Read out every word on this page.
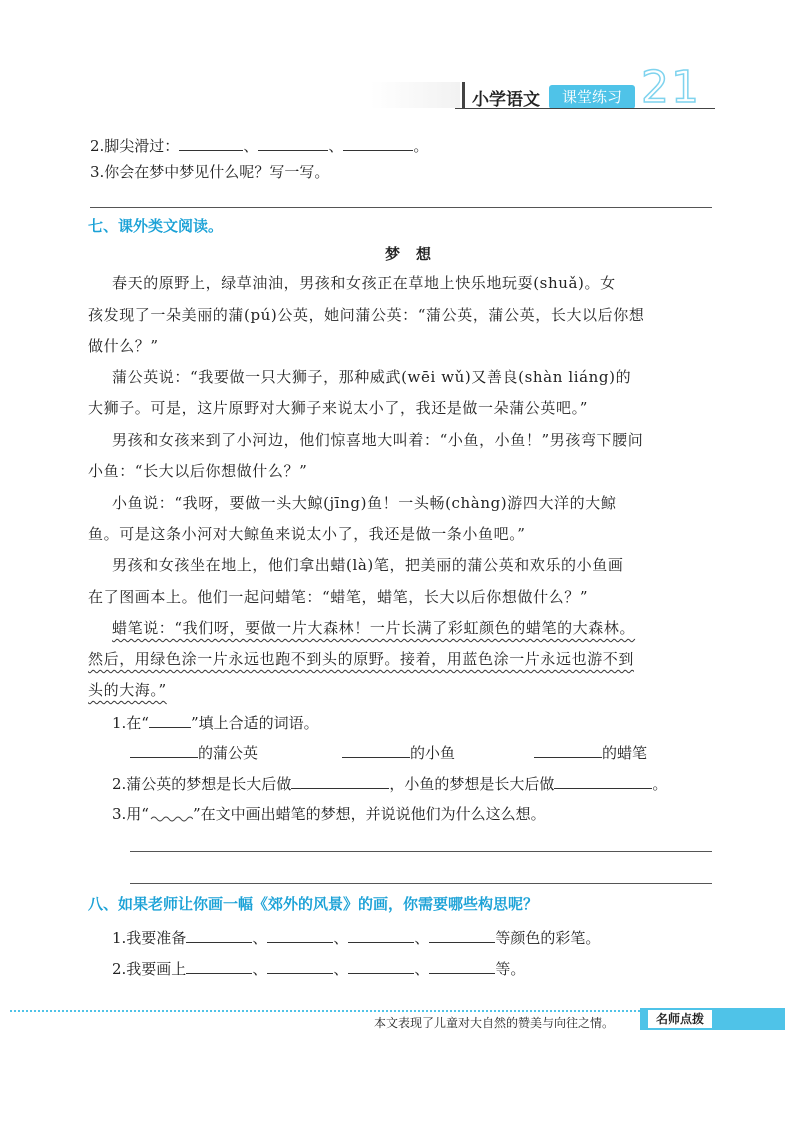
小学语文	课堂练习 21
2.脚尖滑过：	、	、	。
3.你会在梦中梦见什么呢？写一写。
七、课外类文阅读。
梦想
春天的原野上，绿草油油，男孩和女孩正在草地上快乐地玩耍(shuǎ)。女
孩发现了一朵美丽的蒲(pú)公英，她问蒲公英：“蒲公英，蒲公英，长大以后你想
做什么？”
蒲公英说：“我要做一只大狮子，那种威武(wēi wǔ)又善良(shàn liáng)的
大狮子。可是，这片原野对大狮子来说太小了，我还是做一朵蒲公英吧。”
男孩和女孩来到了小河边，他们惊喜地大叫着：“小鱼，小鱼！”男孩弯下腰问
小鱼：“长大以后你想做什么？”
小鱼说：“我呀，要做一头大鲸(jīng)鱼！一头畅(chàng)游四大洋的大鲸
鱼。可是这条小河对大鲸鱼来说太小了，我还是做一条小鱼吧。”
男孩和女孩坐在地上，他们拿出蜡(là)笔，把美丽的蒲公英和欢乐的小鱼画
在了图画本上。他们一起问蜡笔：“蜡笔，蜡笔，长大以后你想做什么？”
蜡笔说：“我们呀，要做一片大森林！一片长满了彩虹颜色的蜡笔的大森林。
然后，用绿色涂一片永远也跑不到头的原野。接着，用蓝色涂一片永远也游不到
头的大海。”
1.在“	”填上合适的词语。
的蒲公英	的小鱼	的蜡笔
2.蒲公英的梦想是长大后做	，小鱼的梦想是长大后做	。
3.用“	”在文中画出蜡笔的梦想，并说说他们为什么这么想。
八、如果老师让你画一幅《郊外的风景》的画，你需要哪些构思呢？
1.我要准备	、	、	、	等颜色的彩笔。
2.我要画上	、	、	、	等。
本文表现了儿童对大自然的赞美与向往之情。	名师点拨
